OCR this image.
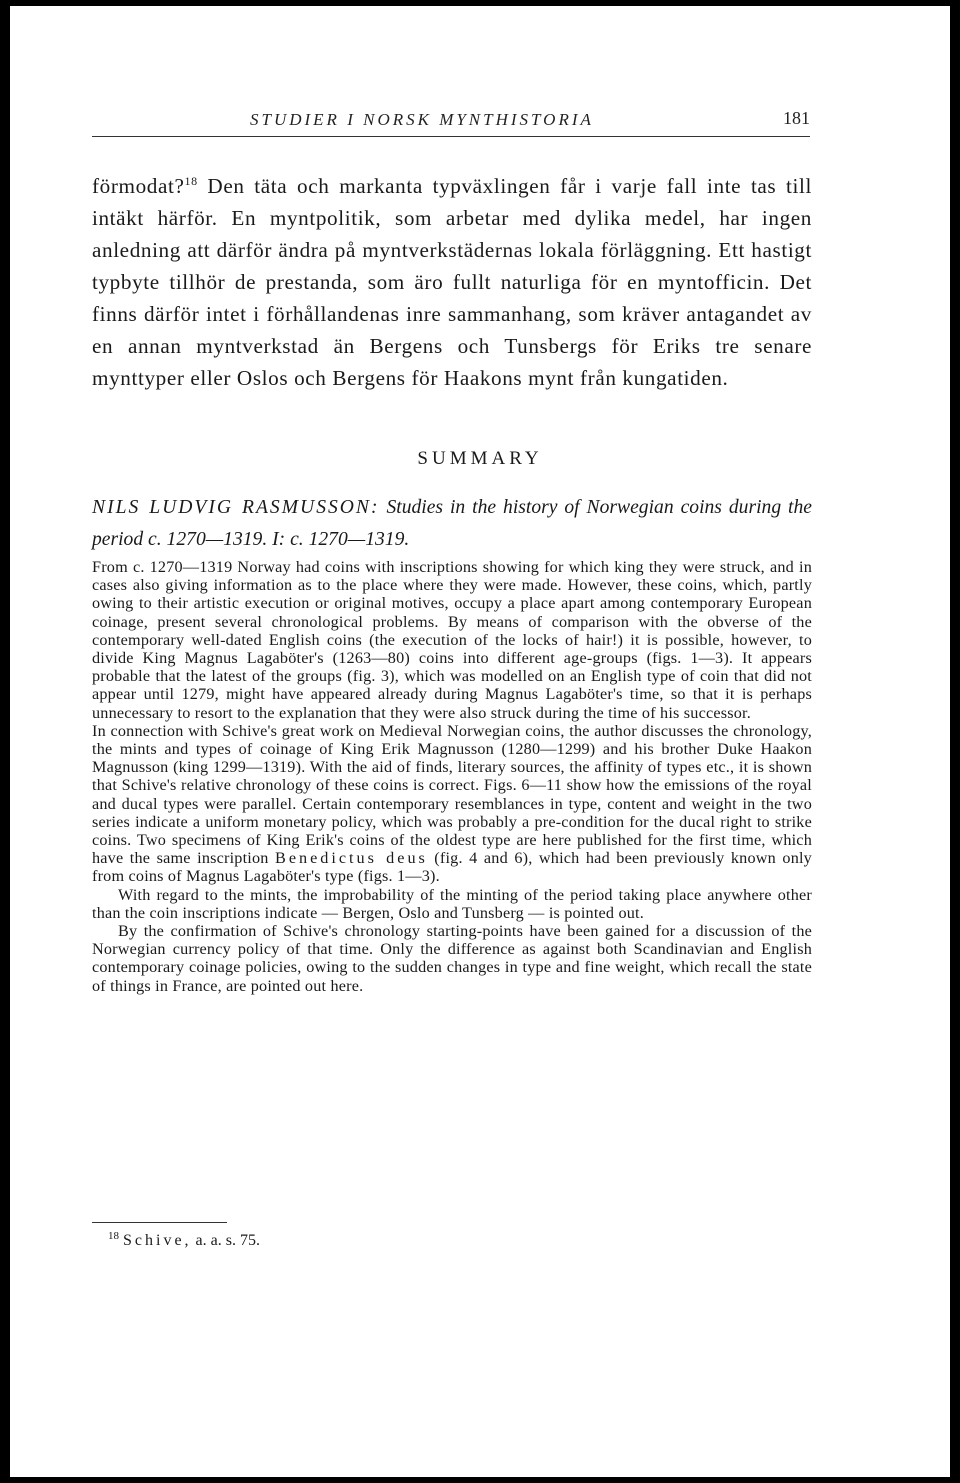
STUDIER I NORSK MYNTHISTORIA	181

förmodat?$^{18}$ Den täta och markanta typväxlingen får i varje fall inte tas till intäkt härför. En myntpolitik, som arbetar med dylika medel, har ingen anledning att därför ändra på myntverkstädernas lokala förläggning. Ett hastigt typbyte tillhör de prestanda, som äro fullt naturliga för en myntofficin. Det finns därför intet i förhållandenas inre sammanhang, som kräver antagandet av en annan myntverkstad än Bergens och Tunsbergs för Eriks tre senare mynttyper eller Oslos och Bergens för Haakons mynt från kungatiden.

SUMMARY

NILS LUDVIG RASMUSSON: Studies in the history of Norwegian coins during the period c. 1270—1319. I: c. 1270—1319.

From c. 1270—1319 Norway had coins with inscriptions showing for which king they were struck, and in cases also giving information as to the place where they were made. However, these coins, which, partly owing to their artistic execution or original motives, occupy a place apart among contemporary European coinage, present several chronological problems. By means of comparison with the obverse of the contemporary well-dated English coins (the execution of the locks of hair!) it is possible, however, to divide King Magnus Lagaböter's (1263—80) coins into different age-groups (figs. 1—3). It appears probable that the latest of the groups (fig. 3), which was modelled on an English type of coin that did not appear until 1279, might have appeared already during Magnus Lagaböter's time, so that it is perhaps unnecessary to resort to the explanation that they were also struck during the time of his successor.

In connection with Schive's great work on Medieval Norwegian coins, the author discusses the chronology, the mints and types of coinage of King Erik Magnusson (1280—1299) and his brother Duke Haakon Magnusson (king 1299—1319). With the aid of finds, literary sources, the affinity of types etc., it is shown that Schive's relative chronology of these coins is correct. Figs. 6—11 show how the emissions of the royal and ducal types were parallel. Certain contemporary resemblances in type, content and weight in the two series indicate a uniform monetary policy, which was probably a pre-condition for the ducal right to strike coins. Two specimens of King Erik's coins of the oldest type are here published for the first time, which have the same inscription Benedictus deus (fig. 4 and 6), which had been previously known only from coins of Magnus Lagaböter's type (figs. 1—3).

With regard to the mints, the improbability of the minting of the period taking place anywhere other than the coin inscriptions indicate — Bergen, Oslo and Tunsberg — is pointed out.

By the confirmation of Schive's chronology starting-points have been gained for a discussion of the Norwegian currency policy of that time. Only the difference as against both Scandinavian and English contemporary coinage policies, owing to the sudden changes in type and fine weight, which recall the state of things in France, are pointed out here.

$^{18}$ Schive, a. a. s. 75.
